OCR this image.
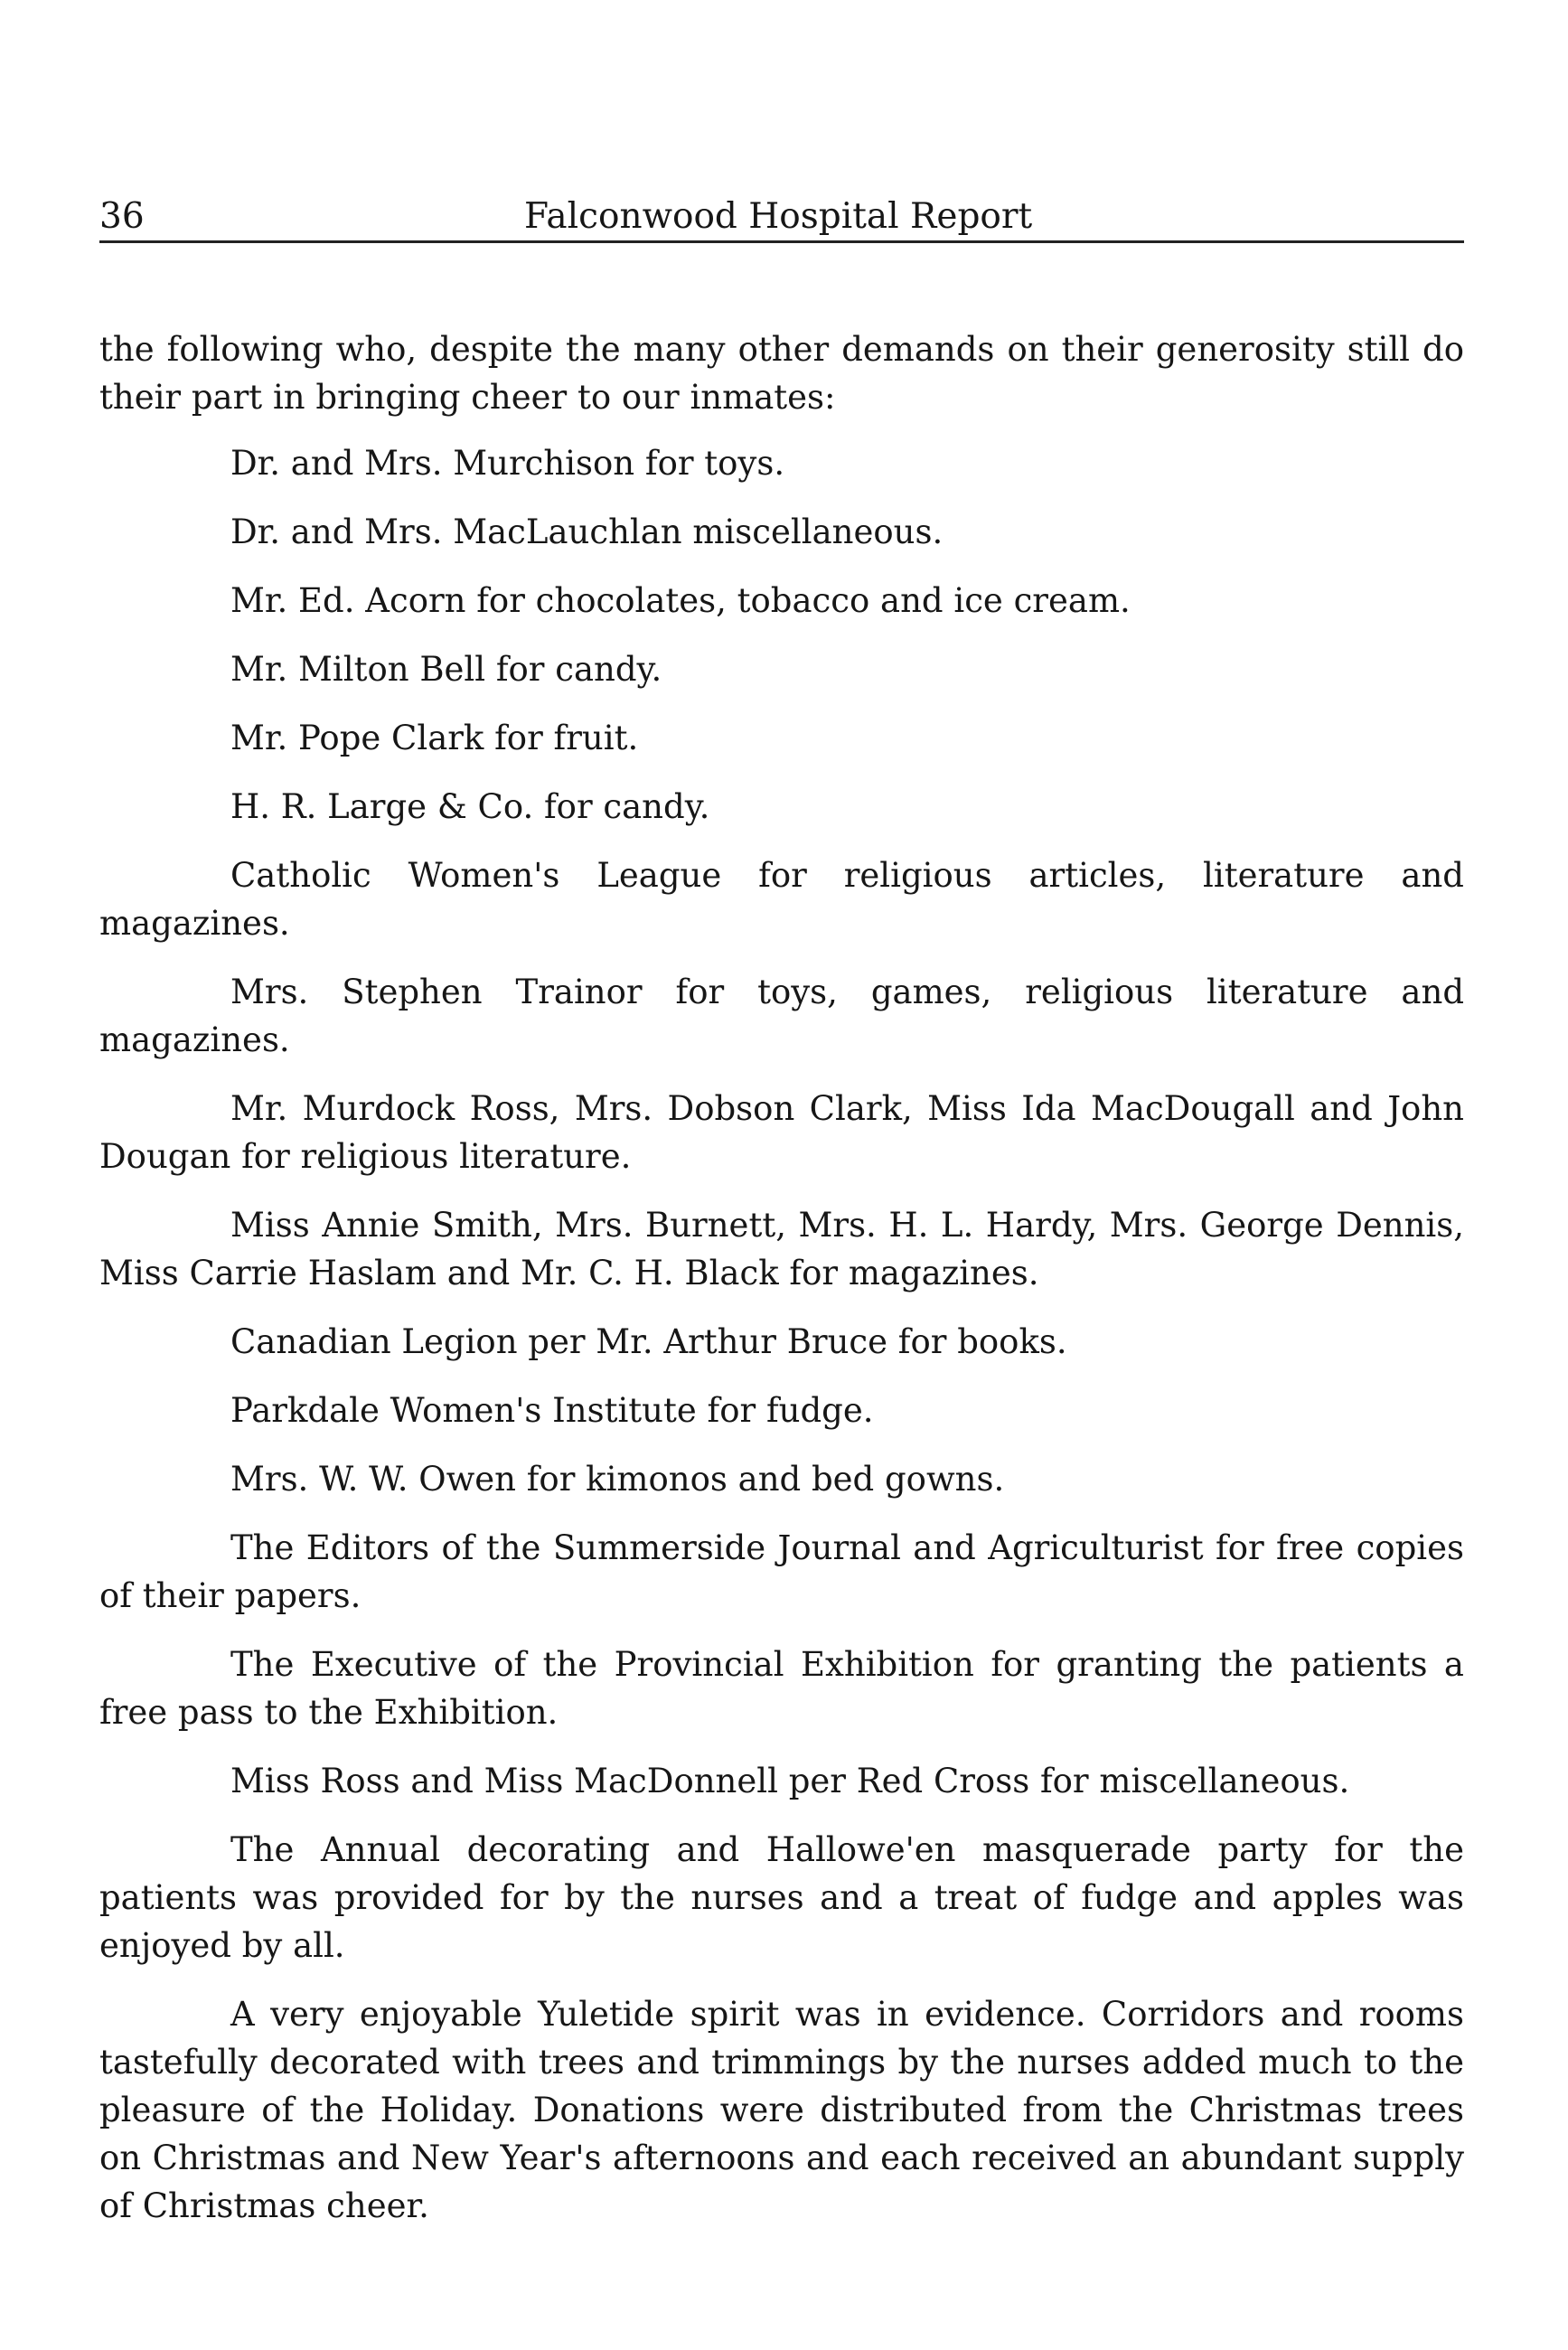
36	Falconwood Hospital Report

the following who, despite the many other demands on their generosity still do their part in bringing cheer to our inmates:

Dr. and Mrs. Murchison for toys.

Dr. and Mrs. MacLauchlan miscellaneous.

Mr. Ed. Acorn for chocolates, tobacco and ice cream.

Mr. Milton Bell for candy.

Mr. Pope Clark for fruit.

H. R. Large & Co. for candy.

Catholic Women's League for religious articles, literature and magazines.

Mrs. Stephen Trainor for toys, games, religious literature and magazines.

Mr. Murdock Ross, Mrs. Dobson Clark, Miss Ida MacDougall and John Dougan for religious literature.

Miss Annie Smith, Mrs. Burnett, Mrs. H. L. Hardy, Mrs. George Dennis, Miss Carrie Haslam and Mr. C. H. Black for magazines.

Canadian Legion per Mr. Arthur Bruce for books.

Parkdale Women's Institute for fudge.

Mrs. W. W. Owen for kimonos and bed gowns.

The Editors of the Summerside Journal and Agriculturist for free copies of their papers.

The Executive of the Provincial Exhibition for granting the patients a free pass to the Exhibition.

Miss Ross and Miss MacDonnell per Red Cross for miscellaneous.

The Annual decorating and Hallowe'en masquerade party for the patients was provided for by the nurses and a treat of fudge and apples was enjoyed by all.

A very enjoyable Yuletide spirit was in evidence. Corridors and rooms tastefully decorated with trees and trimmings by the nurses added much to the pleasure of the Holiday. Donations were distributed from the Christmas trees on Christmas and New Year's afternoons and each received an abundant supply of Christmas cheer.
